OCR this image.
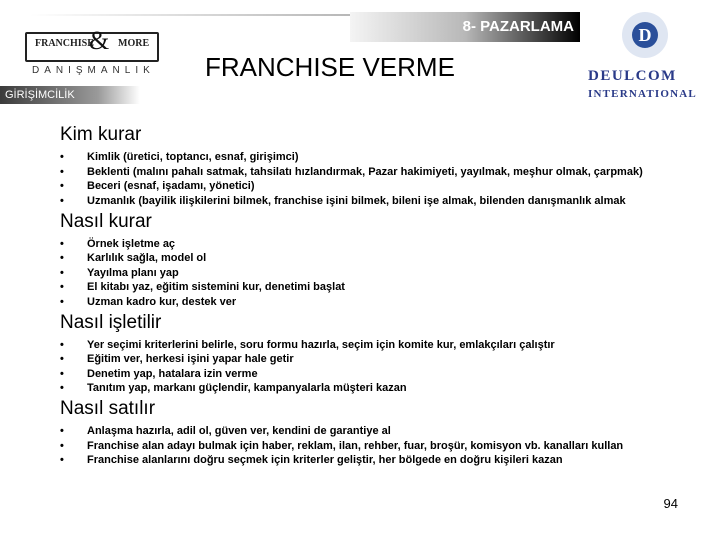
FRANCHISE
& MORE
DANIŞMANLIK
8- PAZARLAMA
FRANCHISE VERME
GİRİŞİMCİLİK
D
DEULCOM
INTERNATIONAL
Kim kurar
• Kimlik (üretici, toptancı, esnaf, girişimci)
• Beklenti (malını pahalı satmak, tahsilatı hızlandırmak, Pazar hakimiyeti, yayılmak, meşhur olmak, çarpmak)
• Beceri (esnaf, işadamı, yönetici)
• Uzmanlık (bayilik ilişkilerini bilmek, franchise işini bilmek, bileni işe almak, bilenden danışmanlık almak
Nasıl kurar
• Örnek işletme aç
• Karlılık sağla, model ol
• Yayılma planı yap
• El kitabı yaz, eğitim sistemini kur, denetimi başlat
• Uzman kadro kur, destek ver
Nasıl işletilir
• Yer seçimi kriterlerini belirle, soru formu hazırla, seçim için komite kur, emlakçıları çalıştır
• Eğitim ver, herkesi işini yapar hale getir
• Denetim yap, hatalara izin verme
• Tanıtım yap, markanı güçlendir, kampanyalarla müşteri kazan
Nasıl satılır
• Anlaşma hazırla, adil ol, güven ver, kendini de garantiye al
• Franchise alan adayı bulmak için haber, reklam, ilan, rehber, fuar, broşür, komisyon vb. kanalları kullan
• Franchise alanlarını doğru seçmek için kriterler geliştir, her bölgede en doğru kişileri kazan
94
